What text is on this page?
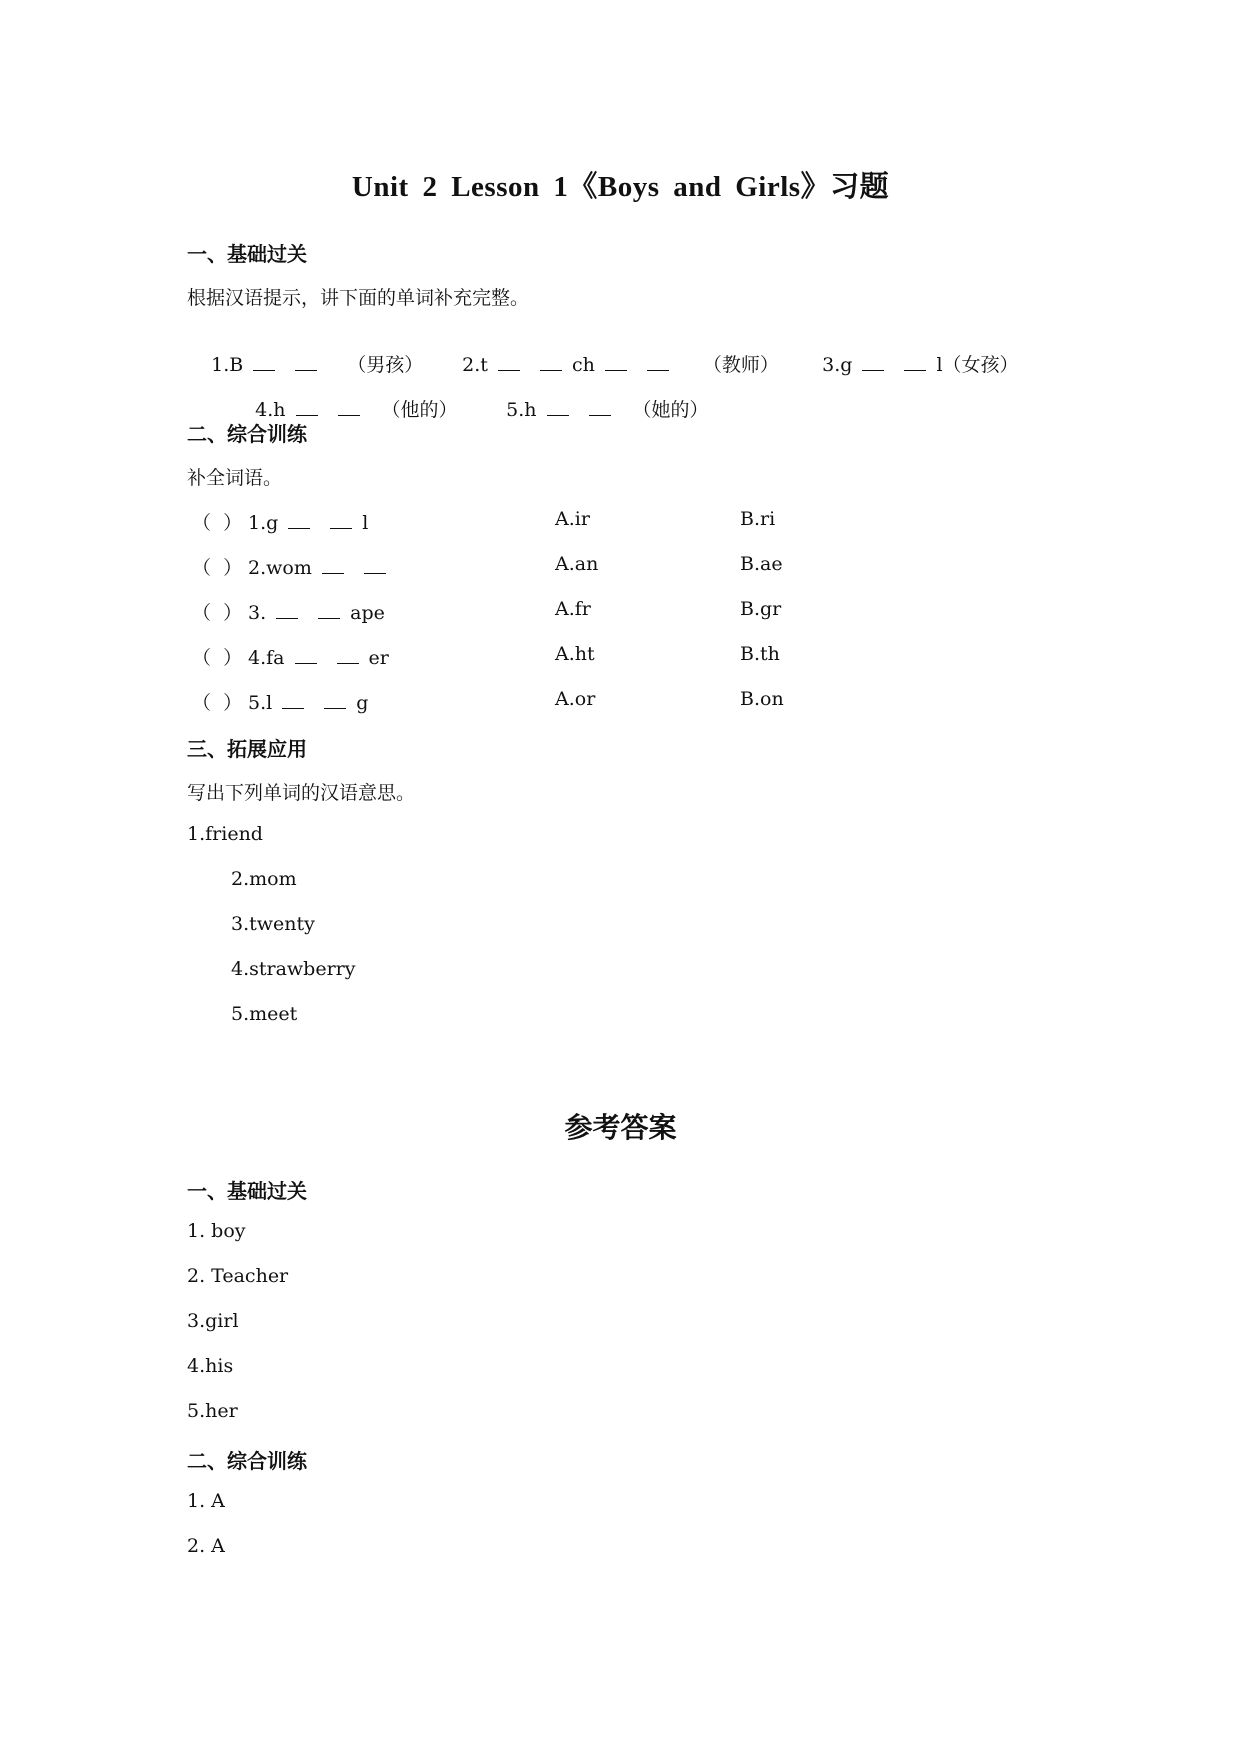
Unit 2 Lesson 1《Boys and Girls》习题
一、基础过关
根据汉语提示，讲下面的单词补充完整。

1.B	（男孩）
	2.t	ch	（教师）
	3.g	l（女孩）

4.h	（他的）
	5.h	（她的）

二、综合训练
补全词语。
（  ） 1.g	l	A.ir	B.ri
（  ） 2.wom	A.an	B.ae
（  ） 3.	ape	A.fr	B.gr
（  ） 4.fa	er	A.ht	B.th
（  ） 5.l	g	A.or	B.on
三、拓展应用
写出下列单词的汉语意思。
1.friend
2.mom
3.twenty
4.strawberry
5.meet
参考答案
一、基础过关
1. boy
2. Teacher
3.girl
4.his
5.her
二、综合训练
1. A
2. A
